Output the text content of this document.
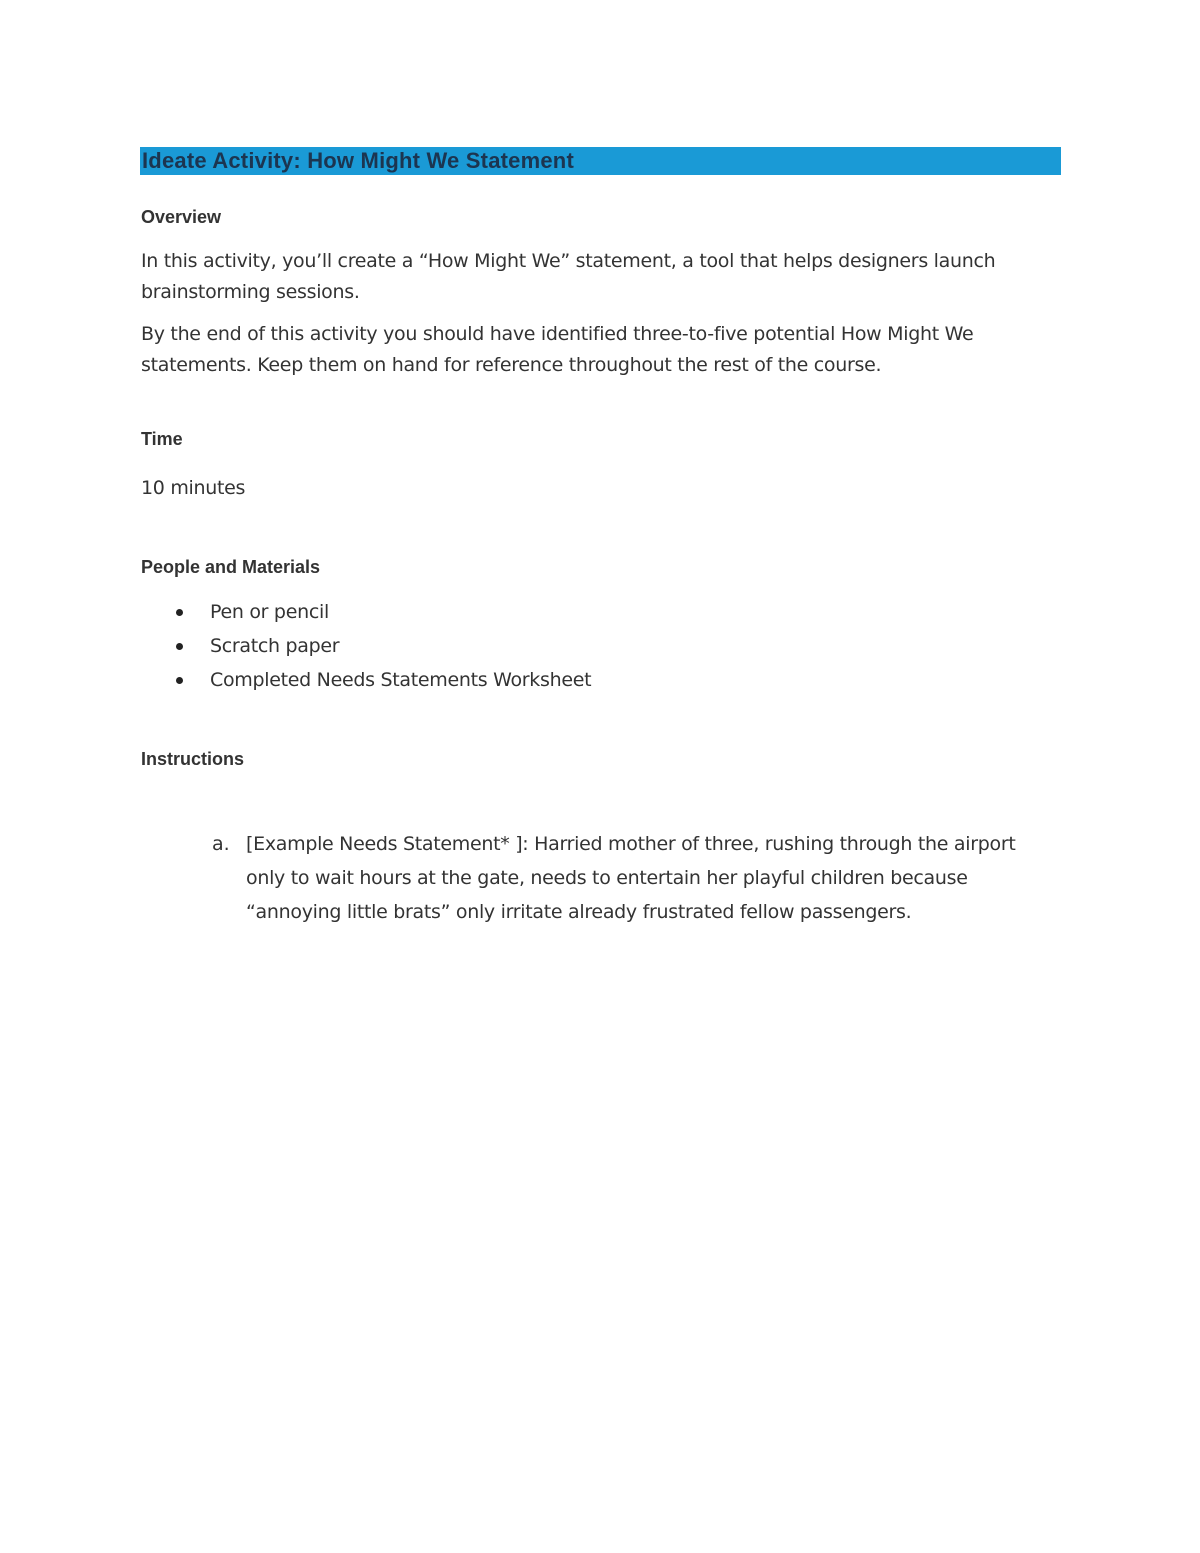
Ideate Activity: How Might We Statement
Overview
In this activity, you’ll create a “How Might We” statement, a tool that helps designers launch brainstorming sessions.
By the end of this activity you should have identified three-to-five potential How Might We statements. Keep them on hand for reference throughout the rest of the course.
Time
10 minutes
People and Materials
Pen or pencil
Scratch paper
Completed Needs Statements Worksheet
Instructions
a. [Example Needs Statement* ]: Harried mother of three, rushing through the airport only to wait hours at the gate, needs to entertain her playful children because “annoying little brats” only irritate already frustrated fellow passengers.
